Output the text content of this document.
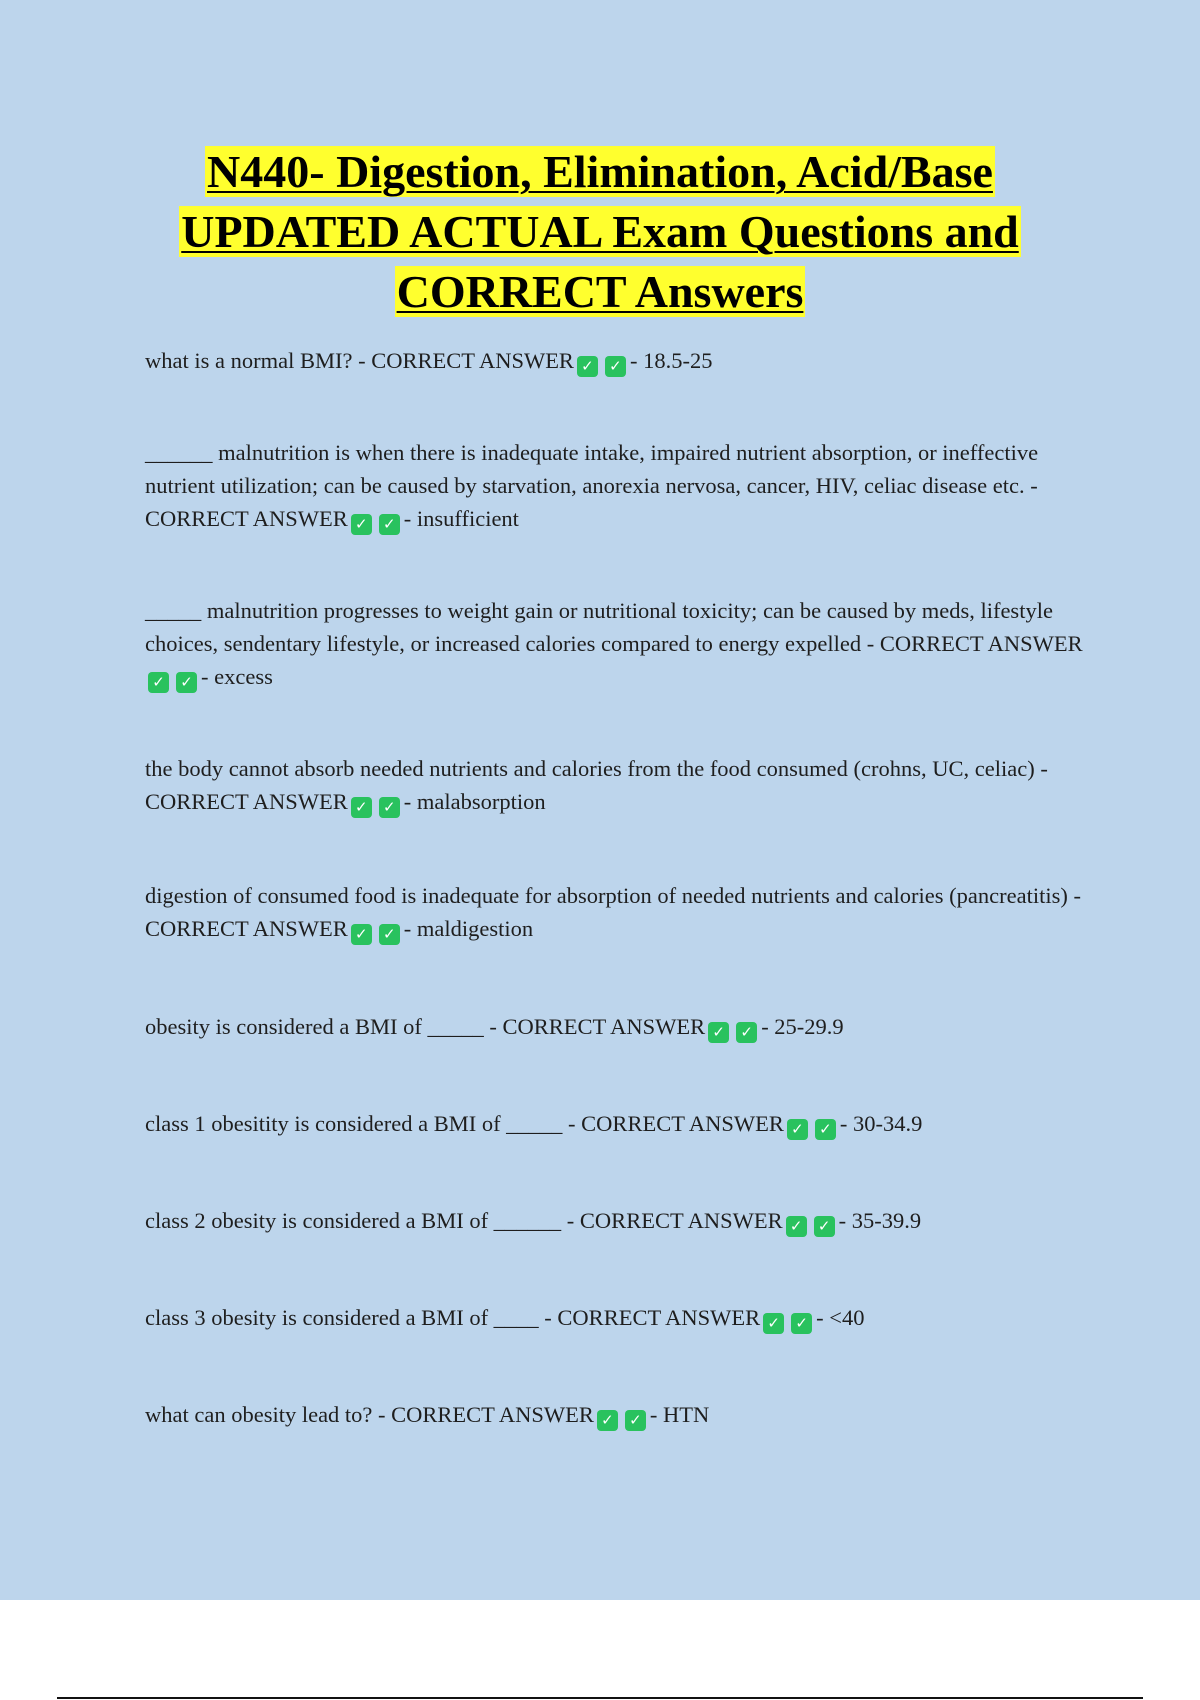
N440- Digestion, Elimination, Acid/Base
UPDATED ACTUAL Exam Questions and
CORRECT Answers

what is a normal BMI? - CORRECT ANSWER ✓ ✓ - 18.5-25

______ malnutrition is when there is inadequate intake, impaired nutrient absorption, or ineffective nutrient utilization; can be caused by starvation, anorexia nervosa, cancer, HIV, celiac disease etc. - CORRECT ANSWER ✓ ✓ - insufficient

_____ malnutrition progresses to weight gain or nutritional toxicity; can be caused by meds, lifestyle choices, sendentary lifestyle, or increased calories compared to energy expelled - CORRECT ANSWER✓ ✓ - excess

the body cannot absorb needed nutrients and calories from the food consumed (crohns, UC, celiac) - CORRECT ANSWER ✓ ✓ - malabsorption

digestion of consumed food is inadequate for absorption of needed nutrients and calories (pancreatitis) - CORRECT ANSWER ✓ ✓ - maldigestion

obesity is considered a BMI of _____ - CORRECT ANSWER ✓ ✓ - 25-29.9

class 1 obesitity is considered a BMI of _____ - CORRECT ANSWER ✓ ✓ - 30-34.9

class 2 obesity is considered a BMI of ______ - CORRECT ANSWER ✓ ✓ - 35-39.9

class 3 obesity is considered a BMI of ____ - CORRECT ANSWER ✓ ✓ - <40

what can obesity lead to? - CORRECT ANSWER ✓ ✓ - HTN
